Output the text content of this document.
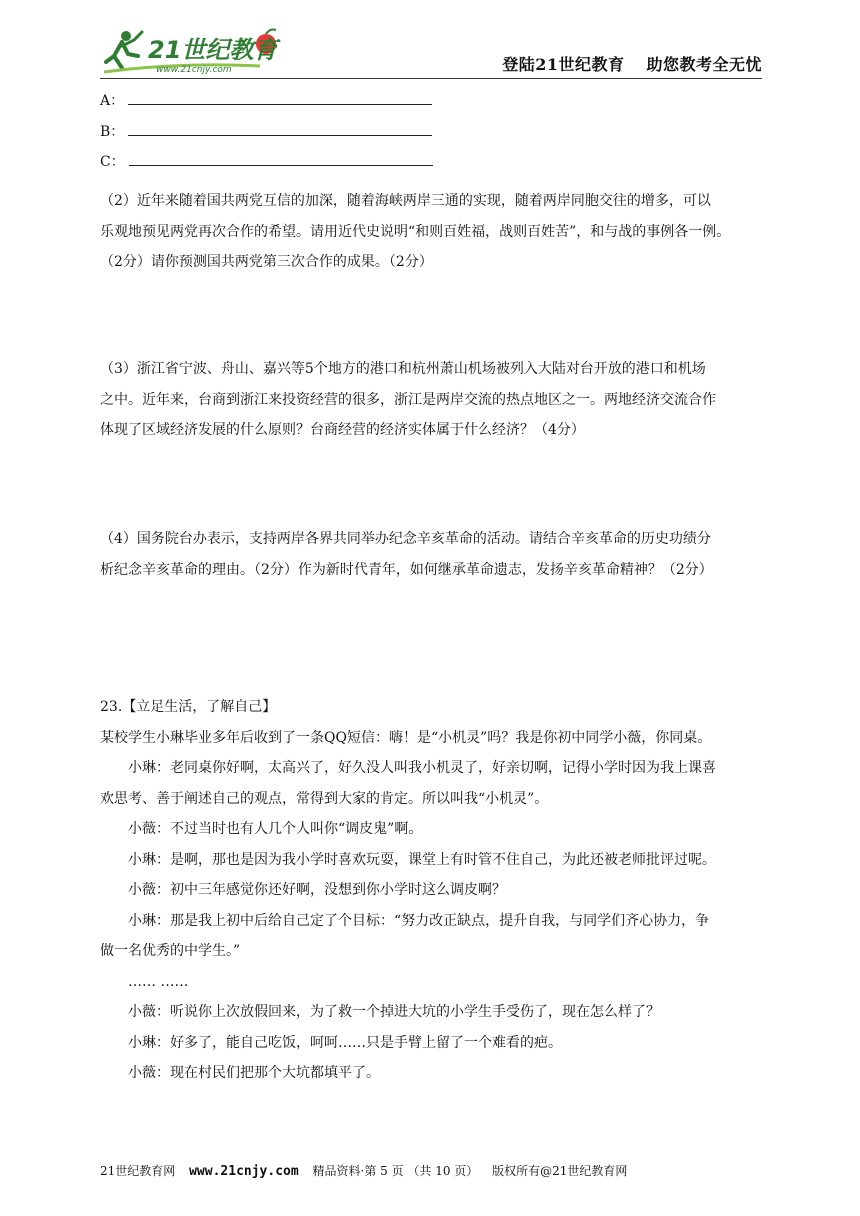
21世纪教育
www.21cnjy.com	登陆21世纪教育 助您教考全无忧
A：
B：
C：
（2）近年来随着国共两党互信的加深，随着海峡两岸三通的实现，随着两岸同胞交往的增多，可以
乐观地预见两党再次合作的希望。请用近代史说明“和则百姓福，战则百姓苦”，和与战的事例各一例。
（2分）请你预测国共两党第三次合作的成果。（2分）
（3）浙江省宁波、舟山、嘉兴等5个地方的港口和杭州萧山机场被列入大陆对台开放的港口和机场
之中。近年来，台商到浙江来投资经营的很多，浙江是两岸交流的热点地区之一。两地经济交流合作
体现了区域经济发展的什么原则？台商经营的经济实体属于什么经济？（4分）
（4）国务院台办表示，支持两岸各界共同举办纪念辛亥革命的活动。请结合辛亥革命的历史功绩分
析纪念辛亥革命的理由。（2分）作为新时代青年，如何继承革命遗志，发扬辛亥革命精神？（2分）
23.【立足生活，了解自己】
某校学生小琳毕业多年后收到了一条QQ短信：嗨！是“小机灵”吗？我是你初中同学小薇，你同桌。
小琳：老同桌你好啊，太高兴了，好久没人叫我小机灵了，好亲切啊，记得小学时因为我上课喜
欢思考、善于阐述自己的观点，常得到大家的肯定。所以叫我“小机灵”。
小薇：不过当时也有人几个人叫你“调皮鬼”啊。
小琳：是啊，那也是因为我小学时喜欢玩耍，课堂上有时管不住自己，为此还被老师批评过呢。
小薇：初中三年感觉你还好啊，没想到你小学时这么调皮啊？
小琳：那是我上初中后给自己定了个目标：“努力改正缺点，提升自我，与同学们齐心协力，争
做一名优秀的中学生。”
…… ……
小薇：听说你上次放假回来，为了救一个掉进大坑的小学生手受伤了，现在怎么样了？
小琳：好多了，能自己吃饭，呵呵……只是手臂上留了一个难看的疤。
小薇：现在村民们把那个大坑都填平了。
21世纪教育网 www.21cnjy.com 精品资料·第 5 页 （共 10 页） 版权所有@21世纪教育网
